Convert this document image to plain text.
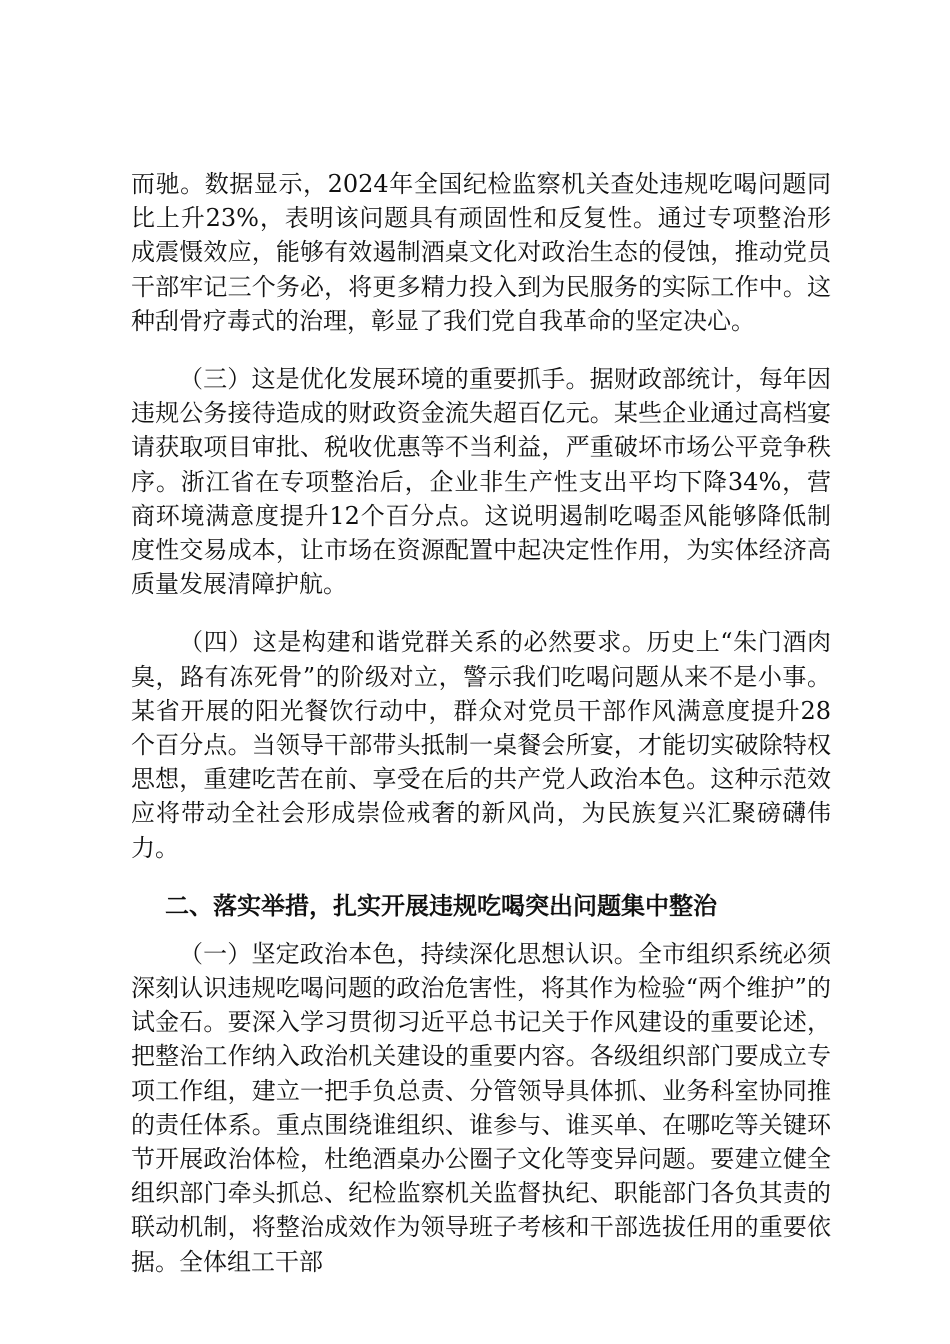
而驰。数据显示，2024年全国纪检监察机关查处违规吃喝问题同比上升23%，表明该问题具有顽固性和反复性。通过专项整治形成震慑效应，能够有效遏制酒桌文化对政治生态的侵蚀，推动党员干部牢记三个务必，将更多精力投入到为民服务的实际工作中。这种刮骨疗毒式的治理，彰显了我们党自我革命的坚定决心。

（三）这是优化发展环境的重要抓手。据财政部统计，每年因违规公务接待造成的财政资金流失超百亿元。某些企业通过高档宴请获取项目审批、税收优惠等不当利益，严重破坏市场公平竞争秩序。浙江省在专项整治后，企业非生产性支出平均下降34%，营商环境满意度提升12个百分点。这说明遏制吃喝歪风能够降低制度性交易成本，让市场在资源配置中起决定性作用，为实体经济高质量发展清障护航。

（四）这是构建和谐党群关系的必然要求。历史上“朱门酒肉臭，路有冻死骨”的阶级对立，警示我们吃喝问题从来不是小事。某省开展的阳光餐饮行动中，群众对党员干部作风满意度提升28个百分点。当领导干部带头抵制一桌餐会所宴，才能切实破除特权思想，重建吃苦在前、享受在后的共产党人政治本色。这种示范效应将带动全社会形成崇俭戒奢的新风尚，为民族复兴汇聚磅礴伟力。

二、落实举措，扎实开展违规吃喝突出问题集中整治

（一）坚定政治本色，持续深化思想认识。全市组织系统必须深刻认识违规吃喝问题的政治危害性，将其作为检验“两个维护”的试金石。要深入学习贯彻习近平总书记关于作风建设的重要论述，把整治工作纳入政治机关建设的重要内容。各级组织部门要成立专项工作组，建立一把手负总责、分管领导具体抓、业务科室协同推的责任体系。重点围绕谁组织、谁参与、谁买单、在哪吃等关键环节开展政治体检，杜绝酒桌办公圈子文化等变异问题。要建立健全组织部门牵头抓总、纪检监察机关监督执纪、职能部门各负其责的联动机制，将整治成效作为领导班子考核和干部选拔任用的重要依据。全体组工干部
